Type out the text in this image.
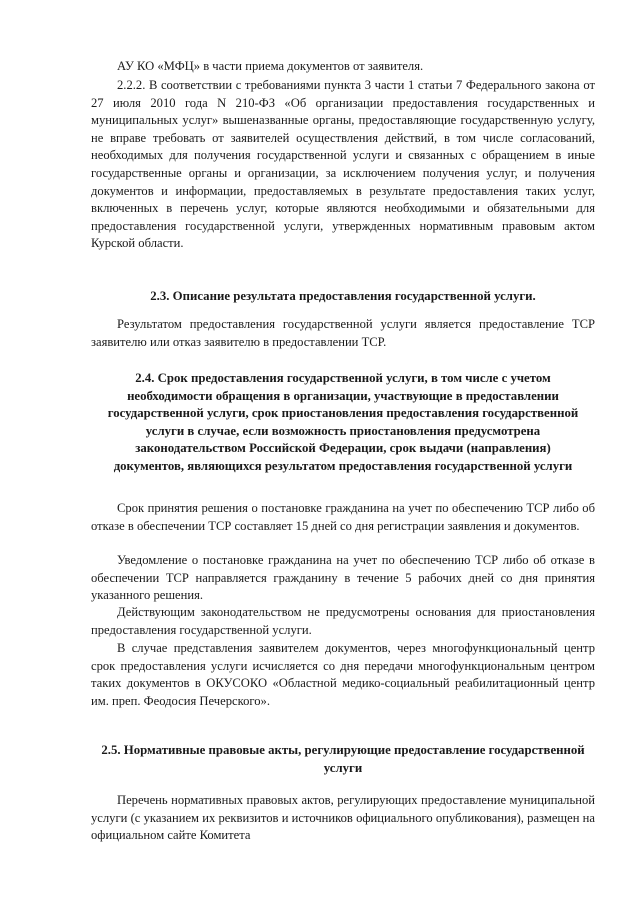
АУ КО «МФЦ» в части приема документов от заявителя.

2.2.2. В соответствии с требованиями пункта 3 части 1 статьи 7 Федерального закона от 27 июля 2010 года N 210-ФЗ «Об организации предоставления государственных и муниципальных услуг» вышеназванные органы, предоставляющие государственную услугу, не вправе требовать от заявителей осуществления действий, в том числе согласований, необходимых для получения государственной услуги и связанных с обращением в иные государственные органы и организации, за исключением получения услуг, и получения документов и информации, предоставляемых в результате предоставления таких услуг, включенных в перечень услуг, которые являются необходимыми и обязательными для предоставления государственной услуги, утвержденных нормативным правовым актом Курской области.

2.3. Описание результата предоставления государственной услуги.

Результатом предоставления государственной услуги является предоставление ТСР заявителю или отказ заявителю в предоставлении ТСР.

2.4. Срок предоставления государственной услуги, в том числе с учетом необходимости обращения в организации, участвующие в предоставлении государственной услуги, срок приостановления предоставления государственной услуги в случае, если возможность приостановления предусмотрена законодательством Российской Федерации, срок выдачи (направления) документов, являющихся результатом предоставления государственной услуги

Срок принятия решения о постановке гражданина на учет по обеспечению ТСР либо об отказе в обеспечении ТСР составляет 15 дней со дня регистрации заявления и документов.

Уведомление о постановке гражданина на учет по обеспечению ТСР либо об отказе в обеспечении ТСР направляется гражданину в течение 5 рабочих дней со дня принятия указанного решения.

Действующим законодательством не предусмотрены основания для приостановления предоставления государственной услуги.

В случае представления заявителем документов, через многофункциональный центр срок предоставления услуги исчисляется со дня передачи многофункциональным центром таких документов в ОКУСОКО «Областной медико-социальный реабилитационный центр им. преп. Феодосия Печерского».

2.5. Нормативные правовые акты, регулирующие предоставление государственной услуги

Перечень нормативных правовых актов, регулирующих предоставление муниципальной услуги (с указанием их реквизитов и источников официального опубликования), размещен на официальном сайте Комитета
